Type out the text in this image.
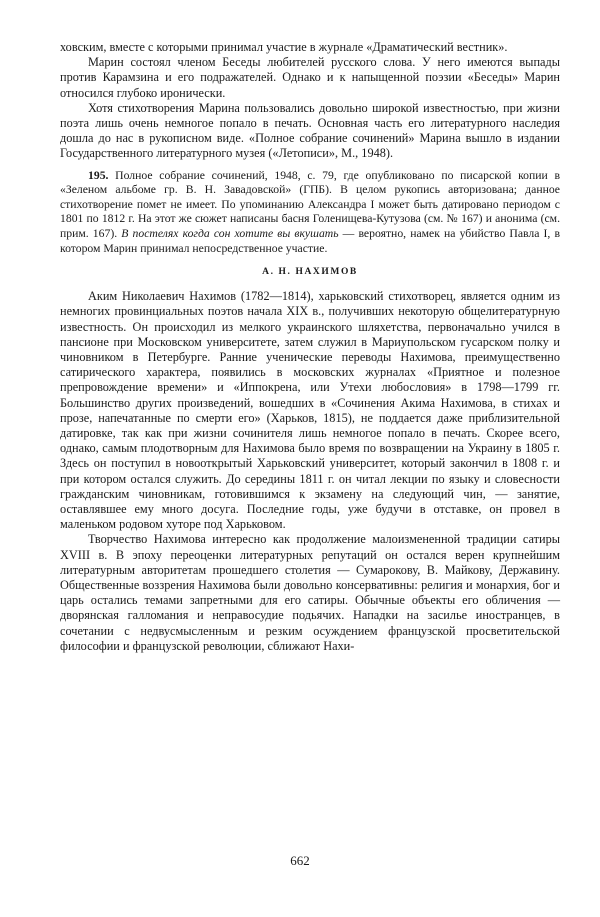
ховским, вместе с которыми принимал участие в журнале «Драматический вестник».

Марин состоял членом Беседы любителей русского слова. У него имеются выпады против Карамзина и его подражателей. Однако и к напыщенной поэзии «Беседы» Марин относился глубоко иронически.

Хотя стихотворения Марина пользовались довольно широкой известностью, при жизни поэта лишь очень немногое попало в печать. Основная часть его литературного наследия дошла до нас в рукописном виде. «Полное собрание сочинений» Марина вышло в издании Государственного литературного музея («Летописи», М., 1948).

195. Полное собрание сочинений, 1948, с. 79, где опубликовано по писарской копии в «Зеленом альбоме гр. В. Н. Завадовской» (ГПБ). В целом рукопись авторизована; данное стихотворение помет не имеет. По упоминанию Александра I может быть датировано периодом с 1801 по 1812 г. На этот же сюжет написаны басня Голенищева-Кутузова (см. № 167) и анонима (см. прим. 167). В постелях когда сон хотите вы вкушать — вероятно, намек на убийство Павла I, в котором Марин принимал непосредственное участие.

А. Н. НАХИМОВ

Аким Николаевич Нахимов (1782—1814), харьковский стихотворец, является одним из немногих провинциальных поэтов начала XIX в., получивших некоторую общелитературную известность. Он происходил из мелкого украинского шляхетства, первоначально учился в пансионе при Московском университете, затем служил в Мариупольском гусарском полку и чиновником в Петербурге. Ранние ученические переводы Нахимова, преимущественно сатирического характера, появились в московских журналах «Приятное и полезное препровождение времени» и «Иппокрена, или Утехи любословия» в 1798—1799 гг. Большинство других произведений, вошедших в «Сочинения Акима Нахимова, в стихах и прозе, напечатанные по смерти его» (Харьков, 1815), не поддается даже приблизительной датировке, так как при жизни сочинителя лишь немногое попало в печать. Скорее всего, однако, самым плодотворным для Нахимова было время по возвращении на Украину в 1805 г. Здесь он поступил в новооткрытый Харьковский университет, который закончил в 1808 г. и при котором остался служить. До середины 1811 г. он читал лекции по языку и словесности гражданским чиновникам, готовившимся к экзамену на следующий чин, — занятие, оставлявшее ему много досуга. Последние годы, уже будучи в отставке, он провел в маленьком родовом хуторе под Харьковом.

Творчество Нахимова интересно как продолжение малоизмененной традиции сатиры XVIII в. В эпоху переоценки литературных репутаций он остался верен крупнейшим литературным авторитетам прошедшего столетия — Сумарокову, В. Майкову, Державину. Общественные воззрения Нахимова были довольно консервативны: религия и монархия, бог и царь остались темами запретными для его сатиры. Обычные объекты его обличения — дворянская галломания и неправосудие подьячих. Нападки на засилье иностранцев, в сочетании с недвусмысленным и резким осуждением французской просветительской философии и французской революции, сближают Нахи-

662
